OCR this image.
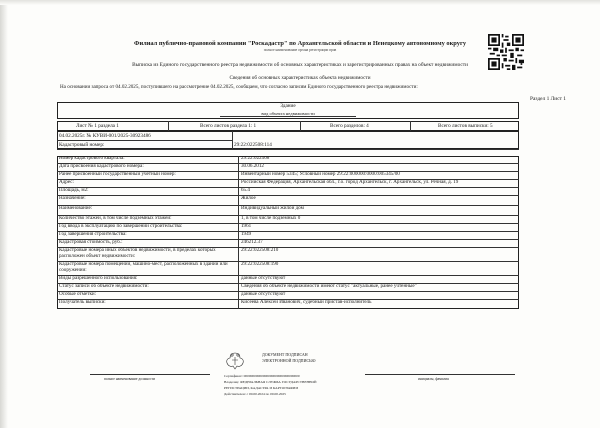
Филиал публично-правовой компании "Роскадастр" по Архангельской области и Ненецкому автономному округу
полное наименование органа регистрации прав
Выписка из Единого государственного реестра недвижимости об основных характеристиках и зарегистрированных правах на объект недвижимости
Сведения об основных характеристиках объекта недвижимости
На основании запроса от 04.02.2025, поступившего на рассмотрение 04.02.2025, сообщаем, что согласно записям Единого государственного реестра недвижимости:
Раздел 1 Лист 1
Здание
вид объекта недвижимости
Лист № 1 раздела 1	Всего листов раздела 1: 1	Всего разделов: 4	Всего листов выписки: 5
04.02.2025г. № КУВИ-001/2025-30923486
Кадастровый номер:	29:22:022508:114
Номер кадастрового квартала:	29:22:022508
Дата присвоения кадастрового номера:	30.06.2012
Ранее присвоенный государственный учетный номер:	Инвентарный номер 5345; Условный номер 29:22:000000:0000:005345/00
Адрес:	Российская Федерация, Архангельская обл., г.о. город Архангельск, г. Архангельск, ул. Речная, д. 19
Площадь, м2:	65.4
Назначение:	Жилое
Наименование:	Индивидуальный жилой дом
Количество этажей, в том числе подземных этажей:	1, в том числе подземных 0
Год ввода в эксплуатацию по завершении строительства:	1961
Год завершения строительства:	1949
Кадастровая стоимость, руб.:	246212.37
Кадастровые номера иных объектов недвижимости, в пределах которых расположен объект недвижимости:
29:22:022508:210
Кадастровые номера помещений, машино-мест, расположенных в здании или сооружении:
29:22:022508:190
Виды разрешенного использования:	данные отсутствуют
Статус записи об объекте недвижимости:	Сведения об объекте недвижимости имеют статус "актуальные, ранее учтенные"
Особые отметки:	данные отсутствуют
Получатель выписки:	Кисеева Алексей Иванович, судебный пристав-исполнитель
полное наименование должности	инициалы, фамилия
ДОКУМЕНТ ПОДПИСАН
ЭЛЕКТРОННОЙ ПОДПИСЬЮ
Сертификат: 00000000000000000000000000000000
Владелец: ФЕДЕРАЛЬНАЯ СЛУЖБА ГОСУДАРСТВЕННОЙ
РЕГИСТРАЦИИ, КАДАСТРА И КАРТОГРАФИИ
Действителен: с 00.00.2024 по 00.00.2025
